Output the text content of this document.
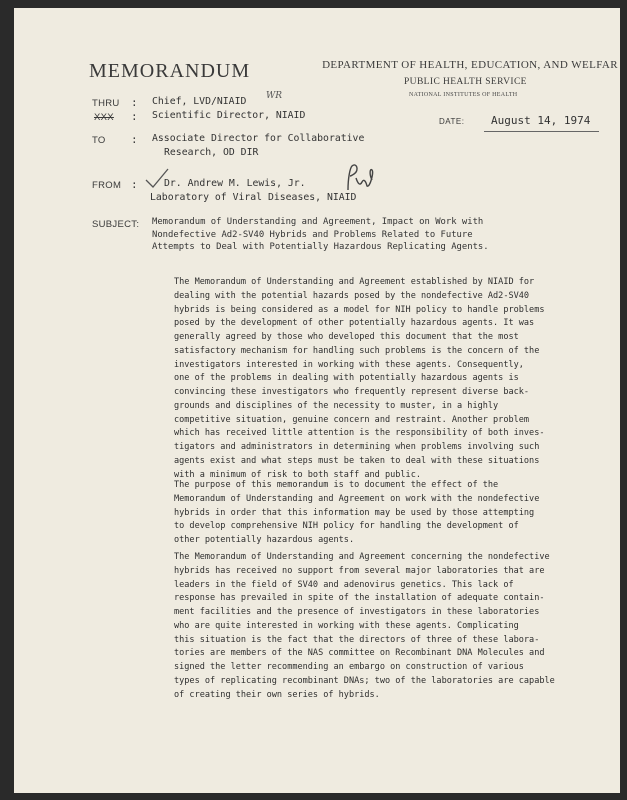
MEMORANDUM	DEPARTMENT OF HEALTH, EDUCATION, AND WELFAR
PUBLIC HEALTH SERVICE
NATIONAL INSTITUTES OF HEALTH
THRU : Chief, LVD/NIAID WR
XXX : Scientific Director, NIAID
DATE: August 14, 1974
TO : Associate Director for Collaborative
Research, OD DIR
FROM :	Dr. Andrew M. Lewis, Jr.
Laboratory of Viral Diseases, NIAID
SUBJECT: Memorandum of Understanding and Agreement, Impact on Work with
Nondefective Ad2-SV40 Hybrids and Problems Related to Future
Attempts to Deal with Potentially Hazardous Replicating Agents.
The Memorandum of Understanding and Agreement established by NIAID for
dealing with the potential hazards posed by the nondefective Ad2-SV40
hybrids is being considered as a model for NIH policy to handle problems
posed by the development of other potentially hazardous agents. It was
generally agreed by those who developed this document that the most
satisfactory mechanism for handling such problems is the concern of the
investigators interested in working with these agents. Consequently,
one of the problems in dealing with potentially hazardous agents is
convincing these investigators who frequently represent diverse back-
grounds and disciplines of the necessity to muster, in a highly
competitive situation, genuine concern and restraint. Another problem
which has received little attention is the responsibility of both inves-
tigators and administrators in determining when problems involving such
agents exist and what steps must be taken to deal with these situations
with a minimum of risk to both staff and public.
The purpose of this memorandum is to document the effect of the
Memorandum of Understanding and Agreement on work with the nondefective
hybrids in order that this information may be used by those attempting
to develop comprehensive NIH policy for handling the development of
other potentially hazardous agents.
The Memorandum of Understanding and Agreement concerning the nondefective
hybrids has received no support from several major laboratories that are
leaders in the field of SV40 and adenovirus genetics. This lack of
response has prevailed in spite of the installation of adequate contain-
ment facilities and the presence of investigators in these laboratories
who are quite interested in working with these agents. Complicating
this situation is the fact that the directors of three of these labora-
tories are members of the NAS committee on Recombinant DNA Molecules and
signed the letter recommending an embargo on construction of various
types of replicating recombinant DNAs; two of the laboratories are capable
of creating their own series of hybrids.
